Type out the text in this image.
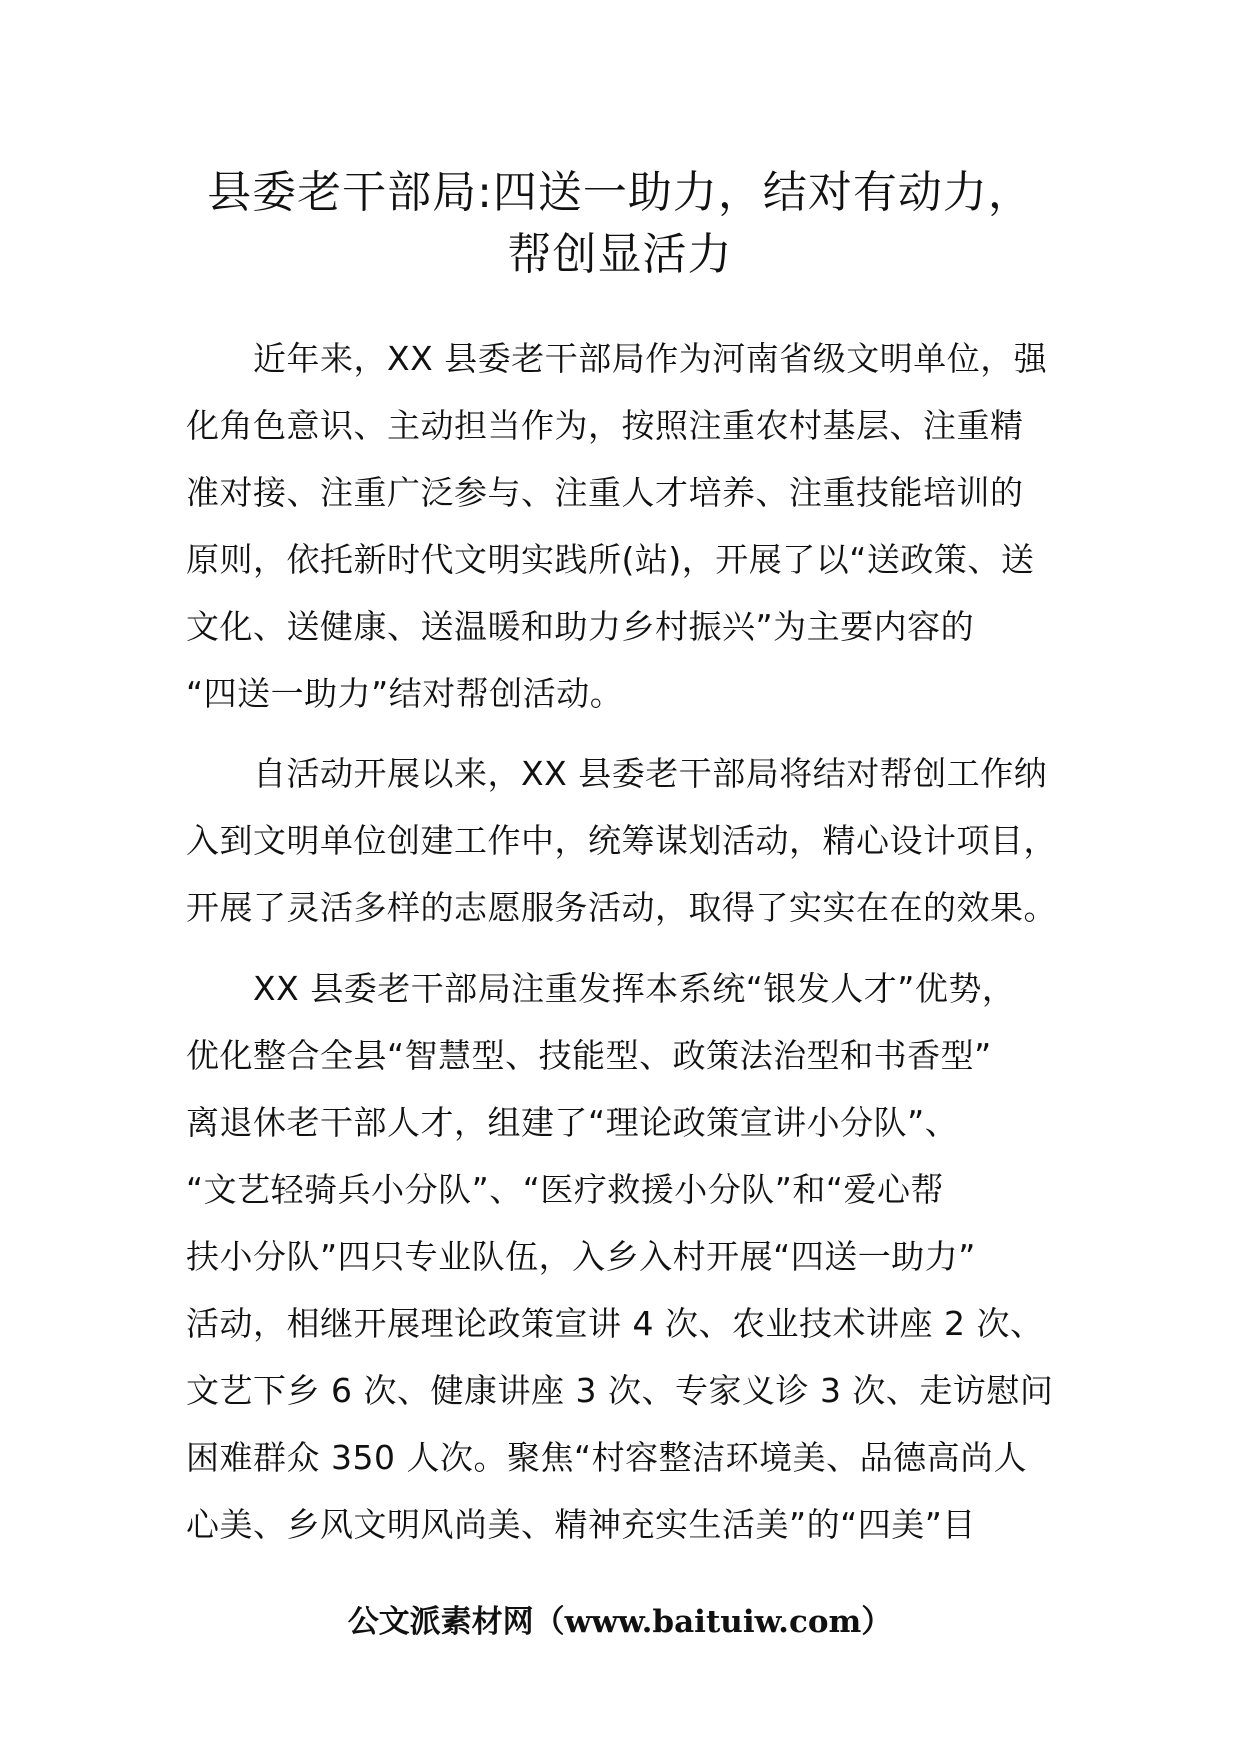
县委老干部局:四送一助力，结对有动力，
帮创显活力
　　近年来，XX 县委老干部局作为河南省级文明单位，强
化角色意识、主动担当作为，按照注重农村基层、注重精
准对接、注重广泛参与、注重人才培养、注重技能培训的
原则，依托新时代文明实践所(站)，开展了以“送政策、送
文化、送健康、送温暖和助力乡村振兴”为主要内容的
“四送一助力”结对帮创活动。
　　自活动开展以来，XX 县委老干部局将结对帮创工作纳
入到文明单位创建工作中，统筹谋划活动，精心设计项目，
开展了灵活多样的志愿服务活动，取得了实实在在的效果。
　　XX 县委老干部局注重发挥本系统“银发人才”优势，
优化整合全县“智慧型、技能型、政策法治型和书香型”
离退休老干部人才，组建了“理论政策宣讲小分队”、
“文艺轻骑兵小分队”、“医疗救援小分队”和“爱心帮
扶小分队”四只专业队伍，入乡入村开展“四送一助力”
活动，相继开展理论政策宣讲 4 次、农业技术讲座 2 次、
文艺下乡 6 次、健康讲座 3 次、专家义诊 3 次、走访慰问
困难群众 350 人次。聚焦“村容整洁环境美、品德高尚人
心美、乡风文明风尚美、精神充实生活美”的“四美”目
公文派素材网（www.baituiw.com）
